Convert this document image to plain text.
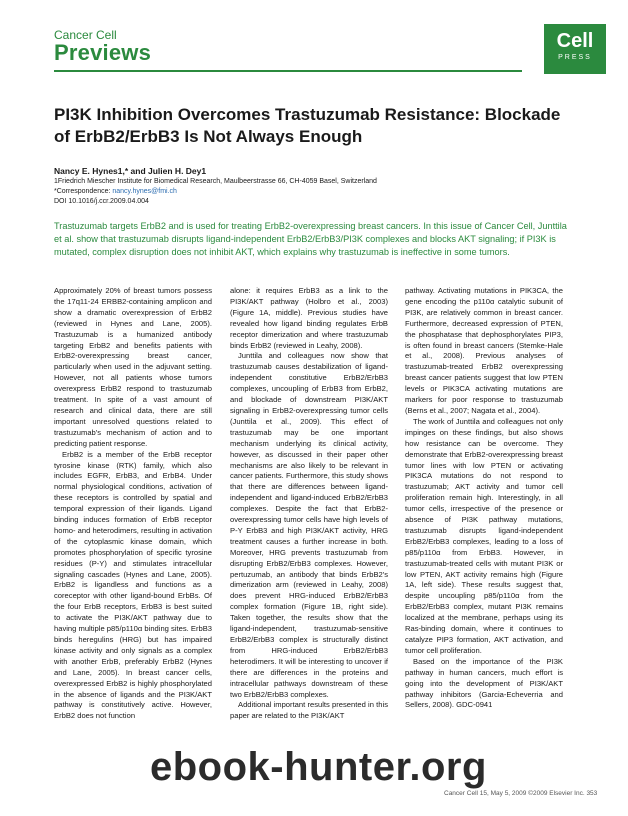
Cancer Cell
Previews	Cell
PRESS
PI3K Inhibition Overcomes Trastuzumab Resistance: Blockade of ErbB2/ErbB3 Is Not Always Enough
Nancy E. Hynes1,* and Julien H. Dey1
1Friedrich Miescher Institute for Biomedical Research, Maulbeerstrasse 66, CH-4059 Basel, Switzerland
*Correspondence: nancy.hynes@fmi.ch
DOI 10.1016/j.ccr.2009.04.004
Trastuzumab targets ErbB2 and is used for treating ErbB2-overexpressing breast cancers. In this issue of Cancer Cell, Junttila et al. show that trastuzumab disrupts ligand-independent ErbB2/ErbB3/PI3K complexes and blocks AKT signaling; if PI3K is mutated, complex disruption does not inhibit AKT, which explains why trastuzumab is ineffective in some tumors.

Approximately 20% of breast tumors possess the 17q11-24 ERBB2-containing amplicon and show a dramatic overexpression of ErbB2 (reviewed in Hynes and Lane, 2005). Trastuzumab is a humanized antibody targeting ErbB2 and benefits patients with ErbB2-overexpressing breast cancer, particularly when used in the adjuvant setting. However, not all patients whose tumors overexpress ErbB2 respond to trastuzumab treatment. In spite of a vast amount of research and clinical data, there are still important unresolved questions related to trastuzumab's mechanism of action and to predicting patient response.

ErbB2 is a member of the ErbB receptor tyrosine kinase (RTK) family, which also includes EGFR, ErbB3, and ErbB4. Under normal physiological conditions, activation of these receptors is controlled by spatial and temporal expression of their ligands. Ligand binding induces formation of ErbB receptor homo- and heterodimers, resulting in activation of the cytoplasmic kinase domain, which promotes phosphorylation of specific tyrosine residues (P-Y) and stimulates intracellular signaling cascades (Hynes and Lane, 2005). ErbB2 is ligandless and functions as a coreceptor with other ligand-bound ErbBs. Of the four ErbB receptors, ErbB3 is best suited to activate the PI3K/AKT pathway due to having multiple p85/p110α binding sites. ErbB3 binds heregulins (HRG) but has impaired kinase activity and only signals as a complex with another ErbB, preferably ErbB2 (Hynes and Lane, 2005). In breast cancer cells, overexpressed ErbB2 is highly phosphorylated in the absence of ligands and the PI3K/AKT pathway is constitutively active. However, ErbB2 does not function

alone: it requires ErbB3 as a link to the PI3K/AKT pathway (Holbro et al., 2003) (Figure 1A, middle). Previous studies have revealed how ligand binding regulates ErbB receptor dimerization and where trastuzumab binds ErbB2 (reviewed in Leahy, 2008).

Junttila and colleagues now show that trastuzumab causes destabilization of ligand-independent constitutive ErbB2/ErbB3 complexes, uncoupling of ErbB3 from ErbB2, and blockade of downstream PI3K/AKT signaling in ErbB2-overexpressing tumor cells (Junttila et al., 2009). This effect of trastuzumab may be one important mechanism underlying its clinical activity, however, as discussed in their paper other mechanisms are also likely to be relevant in cancer patients. Furthermore, this study shows that there are differences between ligand-independent and ligand-induced ErbB2/ErbB3 complexes. Despite the fact that ErbB2-overexpressing tumor cells have high levels of P-Y ErbB3 and high PI3K/AKT activity, HRG treatment causes a further increase in both. Moreover, HRG prevents trastuzumab from disrupting ErbB2/ErbB3 complexes. However, pertuzumab, an antibody that binds ErbB2's dimerization arm (reviewed in Leahy, 2008) does prevent HRG-induced ErbB2/ErbB3 complex formation (Figure 1B, right side). Taken together, the results show that the ligand-independent, trastuzumab-sensitive ErbB2/ErbB3 complex is structurally distinct from HRG-induced ErbB2/ErbB3 heterodimers. It will be interesting to uncover if there are differences in the proteins and intracellular pathways downstream of these two ErbB2/ErbB3 complexes.

Additional important results presented in this paper are related to the PI3K/AKT

pathway. Activating mutations in PIK3CA, the gene encoding the p110α catalytic subunit of PI3K, are relatively common in breast cancer. Furthermore, decreased expression of PTEN, the phosphatase that dephosphorylates PIP3, is often found in breast cancers (Stemke-Hale et al., 2008). Previous analyses of trastuzumab-treated ErbB2 overexpressing breast cancer patients suggest that low PTEN levels or PIK3CA activating mutations are markers for poor response to trastuzumab (Berns et al., 2007; Nagata et al., 2004).

The work of Junttila and colleagues not only impinges on these findings, but also shows how resistance can be overcome. They demonstrate that ErbB2-overexpressing breast tumor lines with low PTEN or activating PIK3CA mutations do not respond to trastuzumab; AKT activity and tumor cell proliferation remain high. Interestingly, in all tumor cells, irrespective of the presence or absence of PI3K pathway mutations, trastuzumab disrupts ligand-independent ErbB2/ErbB3 complexes, leading to a loss of p85/p110α from ErbB3. However, in trastuzumab-treated cells with mutant PI3K or low PTEN, AKT activity remains high (Figure 1A, left side). These results suggest that, despite uncoupling p85/p110α from the ErbB2/ErbB3 complex, mutant PI3K remains localized at the membrane, perhaps using its Ras-binding domain, where it continues to catalyze PIP3 formation, AKT activation, and tumor cell proliferation.

Based on the importance of the PI3K pathway in human cancers, much effort is going into the development of PI3K/AKT pathway inhibitors (Garcia-Echeverria and Sellers, 2008). GDC-0941

Cancer Cell 15, May 5, 2009 ©2009 Elsevier Inc. 353
ebook-hunter.org
